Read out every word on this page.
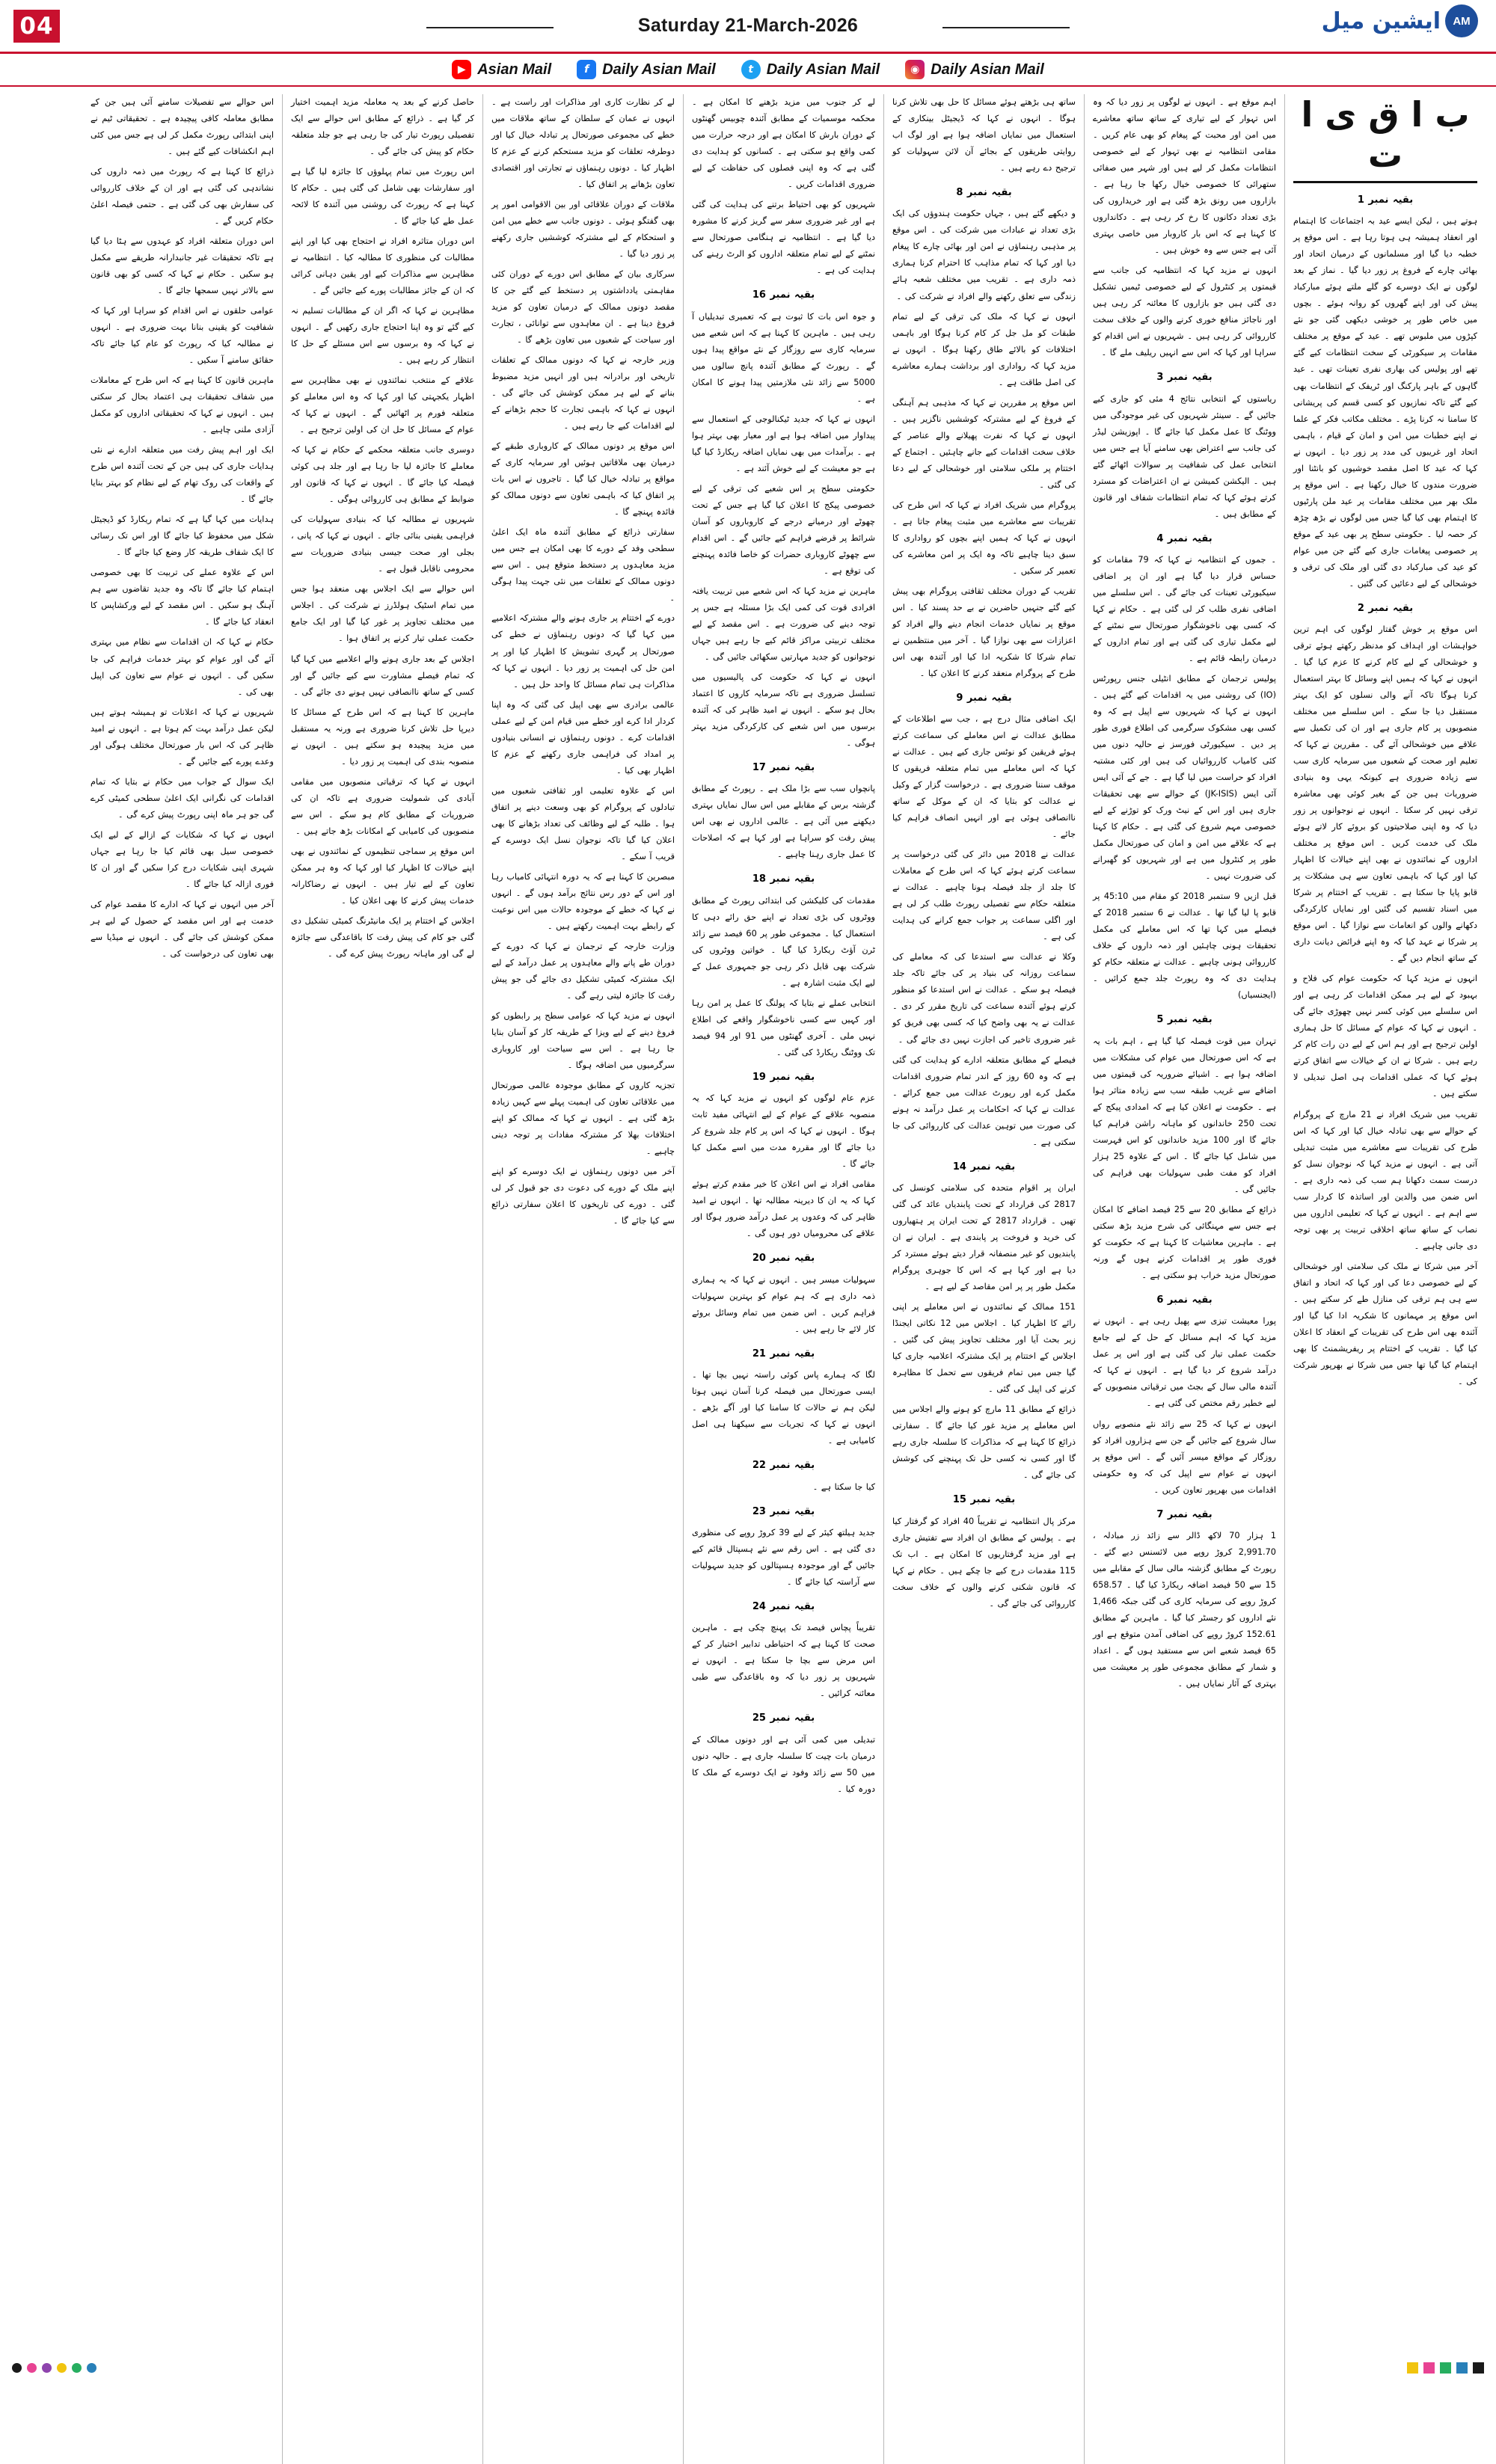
04	Saturday 21-March-2026	ایشین میل	AM
▶ Asian Mail	f Daily Asian Mail	t Daily Asian Mail	◉ Daily Asian Mail
ب ا ق ی ا ت
بقیہ نمبر 1
ہوتے ہیں ، لیکن ایسے عید بہ اجتماعات کا اہتمام اور انعقاد ہمیشہ ہی ہوتا رہا ہے ۔ اس موقع پر خطبہ دیا گیا اور مسلمانوں کے درمیان اتحاد اور بھائی چارے کے فروغ پر زور دیا گیا ۔ نماز کے بعد لوگوں نے ایک دوسرے کو گلے ملتے ہوئے مبارکباد پیش کی اور اپنے گھروں کو روانہ ہوئے ۔ بچوں میں خاص طور پر خوشی دیکھی گئی جو نئے کپڑوں میں ملبوس تھے ۔ عید کے موقع پر مختلف مقامات پر سیکورٹی کے سخت انتظامات کیے گئے تھے اور پولیس کی بھاری نفری تعینات تھی ۔ عید گاہوں کے باہر پارکنگ اور ٹریفک کے انتظامات بھی کیے گئے تاکہ نمازیوں کو کسی قسم کی پریشانی کا سامنا نہ کرنا پڑے ۔ مختلف مکاتب فکر کے علما نے اپنے خطبات میں امن و امان کے قیام ، باہمی اتحاد اور غریبوں کی مدد پر زور دیا ۔ انہوں نے کہا کہ عید کا اصل مقصد خوشیوں کو بانٹنا اور ضرورت مندوں کا خیال رکھنا ہے ۔ اس موقع پر ملک بھر میں مختلف مقامات پر عید ملن پارٹیوں کا اہتمام بھی کیا گیا جس میں لوگوں نے بڑھ چڑھ کر حصہ لیا ۔ حکومتی سطح پر بھی عید کے موقع پر خصوصی پیغامات جاری کیے گئے جن میں عوام کو عید کی مبارکباد دی گئی اور ملک کی ترقی و خوشحالی کے لیے دعائیں کی گئیں ۔
بقیہ نمبر 2
اس موقع پر خوش گفتار لوگوں کی اہم ترین خواہشات اور اہداف کو مدنظر رکھتے ہوئے ترقی و خوشحالی کے لیے کام کرنے کا عزم کیا گیا ۔ انہوں نے کہا کہ ہمیں اپنے وسائل کا بہتر استعمال کرنا ہوگا تاکہ آنے والی نسلوں کو ایک بہتر مستقبل دیا جا سکے ۔ اس سلسلے میں مختلف منصوبوں پر کام جاری ہے اور ان کی تکمیل سے علاقے میں خوشحالی آئے گی ۔ مقررین نے کہا کہ تعلیم اور صحت کے شعبوں میں سرمایہ کاری سب سے زیادہ ضروری ہے کیونکہ یہی وہ بنیادی ضروریات ہیں جن کے بغیر کوئی بھی معاشرہ ترقی نہیں کر سکتا ۔ انہوں نے نوجوانوں پر زور دیا کہ وہ اپنی صلاحیتوں کو بروئے کار لاتے ہوئے ملک کی خدمت کریں ۔ اس موقع پر مختلف اداروں کے نمائندوں نے بھی اپنے خیالات کا اظہار کیا اور کہا کہ باہمی تعاون سے ہی مشکلات پر قابو پایا جا سکتا ہے ۔ تقریب کے اختتام پر شرکا میں اسناد تقسیم کی گئیں اور نمایاں کارکردگی دکھانے والوں کو انعامات سے نوازا گیا ۔ اس موقع پر شرکا نے عہد کیا کہ وہ اپنے فرائض دیانت داری کے ساتھ انجام دیں گے ۔
انہوں نے مزید کہا کہ حکومت عوام کی فلاح و بہبود کے لیے ہر ممکن اقدامات کر رہی ہے اور اس سلسلے میں کوئی کسر نہیں چھوڑی جائے گی ۔ انہوں نے کہا کہ عوام کے مسائل کا حل ہماری اولین ترجیح ہے اور ہم اس کے لیے دن رات کام کر رہے ہیں ۔ شرکا نے ان کے خیالات سے اتفاق کرتے ہوئے کہا کہ عملی اقدامات ہی اصل تبدیلی لا سکتے ہیں ۔
تقریب میں شریک افراد نے 21 مارچ کے پروگرام کے حوالے سے بھی تبادلہ خیال کیا اور کہا کہ اس طرح کی تقریبات سے معاشرے میں مثبت تبدیلی آتی ہے ۔ انہوں نے مزید کہا کہ نوجوان نسل کو درست سمت دکھانا ہم سب کی ذمہ داری ہے ۔ اس ضمن میں والدین اور اساتذہ کا کردار سب سے اہم ہے ۔ انہوں نے کہا کہ تعلیمی اداروں میں نصاب کے ساتھ ساتھ اخلاقی تربیت پر بھی توجہ دی جانی چاہیے ۔
آخر میں شرکا نے ملک کی سلامتی اور خوشحالی کے لیے خصوصی دعا کی اور کہا کہ اتحاد و اتفاق سے ہی ہم ترقی کی منازل طے کر سکتے ہیں ۔ اس موقع پر مہمانوں کا شکریہ ادا کیا گیا اور آئندہ بھی اس طرح کی تقریبات کے انعقاد کا اعلان کیا گیا ۔ تقریب کے اختتام پر ریفریشمنٹ کا بھی اہتمام کیا گیا تھا جس میں شرکا نے بھرپور شرکت کی ۔
اہم موقع ہے ۔ انہوں نے لوگوں پر زور دیا کہ وہ اس تہوار کے لیے تیاری کے ساتھ ساتھ معاشرے میں امن اور محبت کے پیغام کو بھی عام کریں ۔ مقامی انتظامیہ نے بھی تہوار کے لیے خصوصی انتظامات مکمل کر لیے ہیں اور شہر میں صفائی ستھرائی کا خصوصی خیال رکھا جا رہا ہے ۔ بازاروں میں رونق بڑھ گئی ہے اور خریداروں کی بڑی تعداد دکانوں کا رخ کر رہی ہے ۔ دکانداروں کا کہنا ہے کہ اس بار کاروبار میں خاصی بہتری آئی ہے جس سے وہ خوش ہیں ۔
انہوں نے مزید کہا کہ انتظامیہ کی جانب سے قیمتوں پر کنٹرول کے لیے خصوصی ٹیمیں تشکیل دی گئی ہیں جو بازاروں کا معائنہ کر رہی ہیں اور ناجائز منافع خوری کرنے والوں کے خلاف سخت کارروائی کر رہی ہیں ۔ شہریوں نے اس اقدام کو سراہا اور کہا کہ اس سے انہیں ریلیف ملے گا ۔
بقیہ نمبر 3
ریاستوں کے انتخابی نتائج 4 مئی کو جاری کیے جائیں گے ۔ سینئر شہریوں کی غیر موجودگی میں ووٹنگ کا عمل مکمل کیا جائے گا ۔ اپوزیشن لیڈر کی جانب سے اعتراض بھی سامنے آیا ہے جس میں انتخابی عمل کی شفافیت پر سوالات اٹھائے گئے ہیں ۔ الیکشن کمیشن نے ان اعتراضات کو مسترد کرتے ہوئے کہا کہ تمام انتظامات شفاف اور قانون کے مطابق ہیں ۔
بقیہ نمبر 4
۔ جموں کے انتظامیہ نے کہا کہ 79 مقامات کو حساس قرار دیا گیا ہے اور ان پر اضافی سیکیورٹی تعینات کی جائے گی ۔ اس سلسلے میں اضافی نفری طلب کر لی گئی ہے ۔ حکام نے کہا کہ کسی بھی ناخوشگوار صورتحال سے نمٹنے کے لیے مکمل تیاری کی گئی ہے اور تمام اداروں کے درمیان رابطہ قائم ہے ۔
پولیس ترجمان کے مطابق انٹیلی جنس رپورٹس (IO) کی روشنی میں یہ اقدامات کیے گئے ہیں ۔ انہوں نے کہا کہ شہریوں سے اپیل ہے کہ وہ کسی بھی مشکوک سرگرمی کی اطلاع فوری طور پر دیں ۔ سیکیورٹی فورسز نے حالیہ دنوں میں کئی کامیاب کارروائیاں کی ہیں اور کئی مشتبہ افراد کو حراست میں لیا گیا ہے ۔ جے کے آئی ایس آئی ایس (JK-ISIS) کے حوالے سے بھی تحقیقات جاری ہیں اور اس کے نیٹ ورک کو توڑنے کے لیے خصوصی مہم شروع کی گئی ہے ۔ حکام کا کہنا ہے کہ علاقے میں امن و امان کی صورتحال مکمل طور پر کنٹرول میں ہے اور شہریوں کو گھبرانے کی ضرورت نہیں ۔
قبل ازیں 9 ستمبر 2018 کو مقام میں 45:10 پر قابو پا لیا گیا تھا ۔ عدالت نے 6 ستمبر 2018 کے فیصلے میں کہا تھا کہ اس معاملے کی مکمل تحقیقات ہونی چاہئیں اور ذمہ داروں کے خلاف کارروائی ہونی چاہیے ۔ عدالت نے متعلقہ حکام کو ہدایت دی کہ وہ رپورٹ جلد جمع کرائیں ۔ (ایجنسیاں)
بقیہ نمبر 5
تہران میں قوت فیصلہ کیا گیا ہے ، اہم بات یہ ہے کہ اس صورتحال میں عوام کی مشکلات میں اضافہ ہوا ہے ۔ اشیائے ضروریہ کی قیمتوں میں اضافے سے غریب طبقہ سب سے زیادہ متاثر ہوا ہے ۔ حکومت نے اعلان کیا ہے کہ امدادی پیکج کے تحت 250 خاندانوں کو ماہانہ راشن فراہم کیا جائے گا اور 100 مزید خاندانوں کو اس فہرست میں شامل کیا جائے گا ۔ اس کے علاوہ 25 ہزار افراد کو مفت طبی سہولیات بھی فراہم کی جائیں گی ۔
ذرائع کے مطابق 20 سے 25 فیصد اضافے کا امکان ہے جس سے مہنگائی کی شرح مزید بڑھ سکتی ہے ۔ ماہرین معاشیات کا کہنا ہے کہ حکومت کو فوری طور پر اقدامات کرنے ہوں گے ورنہ صورتحال مزید خراب ہو سکتی ہے ۔
بقیہ نمبر 6
پورا معیشت تیزی سے پھیل رہی ہے ۔ انہوں نے مزید کہا کہ اہم مسائل کے حل کے لیے جامع حکمت عملی تیار کی گئی ہے اور اس پر عمل درآمد شروع کر دیا گیا ہے ۔ انہوں نے کہا کہ آئندہ مالی سال کے بجٹ میں ترقیاتی منصوبوں کے لیے خطیر رقم مختص کی گئی ہے ۔
انہوں نے کہا کہ 25 سے زائد نئے منصوبے رواں سال شروع کیے جائیں گے جن سے ہزاروں افراد کو روزگار کے مواقع میسر آئیں گے ۔ اس موقع پر انہوں نے عوام سے اپیل کی کہ وہ حکومتی اقدامات میں بھرپور تعاون کریں ۔
بقیہ نمبر 7
1 ہزار 70 لاکھ ڈالر سے زائد زر مبادلہ ، 2,991.70 کروڑ روپے میں لائسنس دیے گئے ۔ رپورٹ کے مطابق گزشتہ مالی سال کے مقابلے میں 15 سے 50 فیصد اضافہ ریکارڈ کیا گیا ۔ 658.57 کروڑ روپے کی سرمایہ کاری کی گئی جبکہ 1,466 نئے اداروں کو رجسٹر کیا گیا ۔ ماہرین کے مطابق 152.61 کروڑ روپے کی اضافی آمدن متوقع ہے اور 65 فیصد شعبے اس سے مستفید ہوں گے ۔ اعداد و شمار کے مطابق مجموعی طور پر معیشت میں بہتری کے آثار نمایاں ہیں ۔
ساتھ ہی بڑھتے ہوئے مسائل کا حل بھی تلاش کرنا ہوگا ۔ انہوں نے کہا کہ ڈیجیٹل بینکاری کے استعمال میں نمایاں اضافہ ہوا ہے اور لوگ اب روایتی طریقوں کے بجائے آن لائن سہولیات کو ترجیح دے رہے ہیں ۔
بقیہ نمبر 8
و دیکھے گئے ہیں ، جہاں حکومت ہندوؤں کی ایک بڑی تعداد نے عبادات میں شرکت کی ۔ اس موقع پر مذہبی رہنماؤں نے امن اور بھائی چارے کا پیغام دیا اور کہا کہ تمام مذاہب کا احترام کرنا ہماری ذمہ داری ہے ۔ تقریب میں مختلف شعبہ ہائے زندگی سے تعلق رکھنے والے افراد نے شرکت کی ۔
انہوں نے کہا کہ ملک کی ترقی کے لیے تمام طبقات کو مل جل کر کام کرنا ہوگا اور باہمی اختلافات کو بالائے طاق رکھنا ہوگا ۔ انہوں نے مزید کہا کہ رواداری اور برداشت ہمارے معاشرے کی اصل طاقت ہے ۔
اس موقع پر مقررین نے کہا کہ مذہبی ہم آہنگی کے فروغ کے لیے مشترکہ کوششیں ناگزیر ہیں ۔ انہوں نے کہا کہ نفرت پھیلانے والے عناصر کے خلاف سخت اقدامات کیے جانے چاہئیں ۔ اجتماع کے اختتام پر ملکی سلامتی اور خوشحالی کے لیے دعا کی گئی ۔
پروگرام میں شریک افراد نے کہا کہ اس طرح کی تقریبات سے معاشرے میں مثبت پیغام جاتا ہے ۔ انہوں نے کہا کہ ہمیں اپنے بچوں کو رواداری کا سبق دینا چاہیے تاکہ وہ ایک پر امن معاشرے کی تعمیر کر سکیں ۔
تقریب کے دوران مختلف ثقافتی پروگرام بھی پیش کیے گئے جنہیں حاضرین نے بے حد پسند کیا ۔ اس موقع پر نمایاں خدمات انجام دینے والے افراد کو اعزازات سے بھی نوازا گیا ۔ آخر میں منتظمین نے تمام شرکا کا شکریہ ادا کیا اور آئندہ بھی اس طرح کے پروگرام منعقد کرنے کا اعلان کیا ۔
بقیہ نمبر 9
ایک اضافی مثال درج ہے ، جب سے اطلاعات کے مطابق عدالت نے اس معاملے کی سماعت کرتے ہوئے فریقین کو نوٹس جاری کیے ہیں ۔ عدالت نے کہا کہ اس معاملے میں تمام متعلقہ فریقوں کا موقف سننا ضروری ہے ۔ درخواست گزار کے وکیل نے عدالت کو بتایا کہ ان کے موکل کے ساتھ ناانصافی ہوئی ہے اور انہیں انصاف فراہم کیا جائے ۔
عدالت نے 2018 میں دائر کی گئی درخواست پر سماعت کرتے ہوئے کہا کہ اس طرح کے معاملات کا جلد از جلد فیصلہ ہونا چاہیے ۔ عدالت نے متعلقہ حکام سے تفصیلی رپورٹ طلب کر لی ہے اور اگلی سماعت پر جواب جمع کرانے کی ہدایت کی ہے ۔
وکلا نے عدالت سے استدعا کی کہ معاملے کی سماعت روزانہ کی بنیاد پر کی جائے تاکہ جلد فیصلہ ہو سکے ۔ عدالت نے اس استدعا کو منظور کرتے ہوئے آئندہ سماعت کی تاریخ مقرر کر دی ۔ عدالت نے یہ بھی واضح کیا کہ کسی بھی فریق کو غیر ضروری تاخیر کی اجازت نہیں دی جائے گی ۔
فیصلے کے مطابق متعلقہ ادارے کو ہدایت کی گئی ہے کہ وہ 60 روز کے اندر تمام ضروری اقدامات مکمل کرے اور رپورٹ عدالت میں جمع کرائے ۔ عدالت نے کہا کہ احکامات پر عمل درآمد نہ ہونے کی صورت میں توہین عدالت کی کارروائی کی جا سکتی ہے ۔
بقیہ نمبر 14
ایران پر اقوام متحدہ کی سلامتی کونسل کی 2817 کی قرارداد کے تحت پابندیاں عائد کی گئی تھیں ۔ قرارداد 2817 کے تحت ایران پر ہتھیاروں کی خرید و فروخت پر پابندی ہے ۔ ایران نے ان پابندیوں کو غیر منصفانہ قرار دیتے ہوئے مسترد کر دیا ہے اور کہا ہے کہ اس کا جوہری پروگرام مکمل طور پر پر امن مقاصد کے لیے ہے ۔
151 ممالک کے نمائندوں نے اس معاملے پر اپنی رائے کا اظہار کیا ۔ اجلاس میں 12 نکاتی ایجنڈا زیر بحث آیا اور مختلف تجاویز پیش کی گئیں ۔ اجلاس کے اختتام پر ایک مشترکہ اعلامیہ جاری کیا گیا جس میں تمام فریقوں سے تحمل کا مظاہرہ کرنے کی اپیل کی گئی ۔
ذرائع کے مطابق 11 مارچ کو ہونے والے اجلاس میں اس معاملے پر مزید غور کیا جائے گا ۔ سفارتی ذرائع کا کہنا ہے کہ مذاکرات کا سلسلہ جاری رہے گا اور کسی نہ کسی حل تک پہنچنے کی کوشش کی جائے گی ۔
بقیہ نمبر 15
مرکز پال انتظامیہ نے تقریباً 40 افراد کو گرفتار کیا ہے ۔ پولیس کے مطابق ان افراد سے تفتیش جاری ہے اور مزید گرفتاریوں کا امکان ہے ۔ اب تک 115 مقدمات درج کیے جا چکے ہیں ۔ حکام نے کہا کہ قانون شکنی کرنے والوں کے خلاف سخت کارروائی کی جائے گی ۔
لے کر جنوب میں مزید بڑھنے کا امکان ہے ۔ محکمہ موسمیات کے مطابق آئندہ چوبیس گھنٹوں کے دوران بارش کا امکان ہے اور درجہ حرارت میں کمی واقع ہو سکتی ہے ۔ کسانوں کو ہدایت دی گئی ہے کہ وہ اپنی فصلوں کی حفاظت کے لیے ضروری اقدامات کریں ۔
شہریوں کو بھی احتیاط برتنے کی ہدایت کی گئی ہے اور غیر ضروری سفر سے گریز کرنے کا مشورہ دیا گیا ہے ۔ انتظامیہ نے ہنگامی صورتحال سے نمٹنے کے لیے تمام متعلقہ اداروں کو الرٹ رہنے کی ہدایت کی ہے ۔
بقیہ نمبر 16
و جوہ اس بات کا ثبوت ہے کہ تعمیری تبدیلیاں آ رہی ہیں ۔ ماہرین کا کہنا ہے کہ اس شعبے میں سرمایہ کاری سے روزگار کے نئے مواقع پیدا ہوں گے ۔ رپورٹ کے مطابق آئندہ پانچ سالوں میں 5000 سے زائد نئی ملازمتیں پیدا ہونے کا امکان ہے ۔
انہوں نے کہا کہ جدید ٹیکنالوجی کے استعمال سے پیداوار میں اضافہ ہوا ہے اور معیار بھی بہتر ہوا ہے ۔ برآمدات میں بھی نمایاں اضافہ ریکارڈ کیا گیا ہے جو معیشت کے لیے خوش آئند ہے ۔
حکومتی سطح پر اس شعبے کی ترقی کے لیے خصوصی پیکج کا اعلان کیا گیا ہے جس کے تحت چھوٹے اور درمیانے درجے کے کاروباروں کو آسان شرائط پر قرضے فراہم کیے جائیں گے ۔ اس اقدام سے چھوٹے کاروباری حضرات کو خاصا فائدہ پہنچنے کی توقع ہے ۔
ماہرین نے مزید کہا کہ اس شعبے میں تربیت یافتہ افرادی قوت کی کمی ایک بڑا مسئلہ ہے جس پر توجہ دینے کی ضرورت ہے ۔ اس مقصد کے لیے مختلف تربیتی مراکز قائم کیے جا رہے ہیں جہاں نوجوانوں کو جدید مہارتیں سکھائی جائیں گی ۔
انہوں نے کہا کہ حکومت کی پالیسیوں میں تسلسل ضروری ہے تاکہ سرمایہ کاروں کا اعتماد بحال ہو سکے ۔ انہوں نے امید ظاہر کی کہ آئندہ برسوں میں اس شعبے کی کارکردگی مزید بہتر ہوگی ۔
بقیہ نمبر 17
پانچواں سب سے بڑا ملک ہے ۔ رپورٹ کے مطابق گزشتہ برس کے مقابلے میں اس سال نمایاں بہتری دیکھنے میں آئی ہے ۔ عالمی اداروں نے بھی اس پیش رفت کو سراہا ہے اور کہا ہے کہ اصلاحات کا عمل جاری رہنا چاہیے ۔
بقیہ نمبر 18
مقدمات کی کلیکشن کی ابتدائی رپورٹ کے مطابق ووٹروں کی بڑی تعداد نے اپنے حق رائے دہی کا استعمال کیا ۔ مجموعی طور پر 60 فیصد سے زائد ٹرن آؤٹ ریکارڈ کیا گیا ۔ خواتین ووٹروں کی شرکت بھی قابل ذکر رہی جو جمہوری عمل کے لیے ایک مثبت اشارہ ہے ۔
انتخابی عملے نے بتایا کہ پولنگ کا عمل پر امن رہا اور کہیں سے کسی ناخوشگوار واقعے کی اطلاع نہیں ملی ۔ آخری گھنٹوں میں 91 اور 94 فیصد تک ووٹنگ ریکارڈ کی گئی ۔
بقیہ نمبر 19
عزم عام لوگوں کو انہوں نے مزید کہا کہ یہ منصوبہ علاقے کے عوام کے لیے انتہائی مفید ثابت ہوگا ۔ انہوں نے کہا کہ اس پر کام جلد شروع کر دیا جائے گا اور مقررہ مدت میں اسے مکمل کیا جائے گا ۔
مقامی افراد نے اس اعلان کا خیر مقدم کرتے ہوئے کہا کہ یہ ان کا دیرینہ مطالبہ تھا ۔ انہوں نے امید ظاہر کی کہ وعدوں پر عمل درآمد ضرور ہوگا اور علاقے کی محرومیاں دور ہوں گی ۔
بقیہ نمبر 20
سہولیات میسر ہیں ۔ انہوں نے کہا کہ یہ ہماری ذمہ داری ہے کہ ہم عوام کو بہترین سہولیات فراہم کریں ۔ اس ضمن میں تمام وسائل بروئے کار لائے جا رہے ہیں ۔
بقیہ نمبر 21
لگا کہ ہمارے پاس کوئی راستہ نہیں بچا تھا ۔ ایسی صورتحال میں فیصلہ کرنا آسان نہیں ہوتا لیکن ہم نے حالات کا سامنا کیا اور آگے بڑھے ۔ انہوں نے کہا کہ تجربات سے سیکھنا ہی اصل کامیابی ہے ۔
بقیہ نمبر 22
کیا جا سکتا ہے ۔
بقیہ نمبر 23
جدید ہیلتھ کیئر کے لیے 39 کروڑ روپے کی منظوری دی گئی ہے ۔ اس رقم سے نئے ہسپتال قائم کیے جائیں گے اور موجودہ ہسپتالوں کو جدید سہولیات سے آراستہ کیا جائے گا ۔
بقیہ نمبر 24
تقریباً پچاس فیصد تک پہنچ چکی ہے ۔ ماہرین صحت کا کہنا ہے کہ احتیاطی تدابیر اختیار کر کے اس مرض سے بچا جا سکتا ہے ۔ انہوں نے شہریوں پر زور دیا کہ وہ باقاعدگی سے طبی معائنہ کرائیں ۔
بقیہ نمبر 25
تبدیلی میں کمی آئی ہے اور دونوں ممالک کے درمیان بات چیت کا سلسلہ جاری ہے ۔ حالیہ دنوں میں 50 سے زائد وفود نے ایک دوسرے کے ملک کا دورہ کیا ۔
لے کر نظارت کاری اور مذاکرات اور راست ہے ۔ انہوں نے عمان کے سلطان کے ساتھ ملاقات میں خطے کی مجموعی صورتحال پر تبادلہ خیال کیا اور دوطرفہ تعلقات کو مزید مستحکم کرنے کے عزم کا اظہار کیا ۔ دونوں رہنماؤں نے تجارتی اور اقتصادی تعاون بڑھانے پر اتفاق کیا ۔
ملاقات کے دوران علاقائی اور بین الاقوامی امور پر بھی گفتگو ہوئی ۔ دونوں جانب سے خطے میں امن و استحکام کے لیے مشترکہ کوششیں جاری رکھنے پر زور دیا گیا ۔
سرکاری بیان کے مطابق اس دورے کے دوران کئی مفاہمتی یادداشتوں پر دستخط کیے گئے جن کا مقصد دونوں ممالک کے درمیان تعاون کو مزید فروغ دینا ہے ۔ ان معاہدوں سے توانائی ، تجارت اور سیاحت کے شعبوں میں تعاون بڑھے گا ۔
وزیر خارجہ نے کہا کہ دونوں ممالک کے تعلقات تاریخی اور برادرانہ ہیں اور انہیں مزید مضبوط بنانے کے لیے ہر ممکن کوشش کی جائے گی ۔ انہوں نے کہا کہ باہمی تجارت کا حجم بڑھانے کے لیے اقدامات کیے جا رہے ہیں ۔
اس موقع پر دونوں ممالک کے کاروباری طبقے کے درمیان بھی ملاقاتیں ہوئیں اور سرمایہ کاری کے مواقع پر تبادلہ خیال کیا گیا ۔ تاجروں نے اس بات پر اتفاق کیا کہ باہمی تعاون سے دونوں ممالک کو فائدہ پہنچے گا ۔
سفارتی ذرائع کے مطابق آئندہ ماہ ایک اعلیٰ سطحی وفد کے دورے کا بھی امکان ہے جس میں مزید معاہدوں پر دستخط متوقع ہیں ۔ اس سے دونوں ممالک کے تعلقات میں نئی جہت پیدا ہوگی ۔
دورے کے اختتام پر جاری ہونے والے مشترکہ اعلامیے میں کہا گیا کہ دونوں رہنماؤں نے خطے کی صورتحال پر گہری تشویش کا اظہار کیا اور پر امن حل کی اہمیت پر زور دیا ۔ انہوں نے کہا کہ مذاکرات ہی تمام مسائل کا واحد حل ہیں ۔
عالمی برادری سے بھی اپیل کی گئی کہ وہ اپنا کردار ادا کرے اور خطے میں قیام امن کے لیے عملی اقدامات کرے ۔ دونوں رہنماؤں نے انسانی بنیادوں پر امداد کی فراہمی جاری رکھنے کے عزم کا اظہار بھی کیا ۔
اس کے علاوہ تعلیمی اور ثقافتی شعبوں میں تبادلوں کے پروگرام کو بھی وسعت دینے پر اتفاق ہوا ۔ طلبہ کے لیے وظائف کی تعداد بڑھانے کا بھی اعلان کیا گیا تاکہ نوجوان نسل ایک دوسرے کے قریب آ سکے ۔
مبصرین کا کہنا ہے کہ یہ دورہ انتہائی کامیاب رہا اور اس کے دور رس نتائج برآمد ہوں گے ۔ انہوں نے کہا کہ خطے کے موجودہ حالات میں اس نوعیت کے رابطے بہت اہمیت رکھتے ہیں ۔
وزارت خارجہ کے ترجمان نے کہا کہ دورے کے دوران طے پانے والے معاہدوں پر عمل درآمد کے لیے ایک مشترکہ کمیٹی تشکیل دی جائے گی جو پیش رفت کا جائزہ لیتی رہے گی ۔
انہوں نے مزید کہا کہ عوامی سطح پر رابطوں کو فروغ دینے کے لیے ویزا کے طریقہ کار کو آسان بنایا جا رہا ہے ۔ اس سے سیاحت اور کاروباری سرگرمیوں میں اضافہ ہوگا ۔
تجزیہ کاروں کے مطابق موجودہ عالمی صورتحال میں علاقائی تعاون کی اہمیت پہلے سے کہیں زیادہ بڑھ گئی ہے ۔ انہوں نے کہا کہ ممالک کو اپنے اختلافات بھلا کر مشترکہ مفادات پر توجہ دینی چاہیے ۔
آخر میں دونوں رہنماؤں نے ایک دوسرے کو اپنے اپنے ملک کے دورے کی دعوت دی جو قبول کر لی گئی ۔ دورے کی تاریخوں کا اعلان سفارتی ذرائع سے کیا جائے گا ۔
حاصل کرنے کے بعد یہ معاملہ مزید اہمیت اختیار کر گیا ہے ۔ ذرائع کے مطابق اس حوالے سے ایک تفصیلی رپورٹ تیار کی جا رہی ہے جو جلد متعلقہ حکام کو پیش کی جائے گی ۔
اس رپورٹ میں تمام پہلوؤں کا جائزہ لیا گیا ہے اور سفارشات بھی شامل کی گئی ہیں ۔ حکام کا کہنا ہے کہ رپورٹ کی روشنی میں آئندہ کا لائحہ عمل طے کیا جائے گا ۔
اس دوران متاثرہ افراد نے احتجاج بھی کیا اور اپنے مطالبات کی منظوری کا مطالبہ کیا ۔ انتظامیہ نے مظاہرین سے مذاکرات کیے اور یقین دہانی کرائی کہ ان کے جائز مطالبات پورے کیے جائیں گے ۔
مظاہرین نے کہا کہ اگر ان کے مطالبات تسلیم نہ کیے گئے تو وہ اپنا احتجاج جاری رکھیں گے ۔ انہوں نے کہا کہ وہ برسوں سے اس مسئلے کے حل کا انتظار کر رہے ہیں ۔
علاقے کے منتخب نمائندوں نے بھی مظاہرین سے اظہار یکجہتی کیا اور کہا کہ وہ اس معاملے کو متعلقہ فورم پر اٹھائیں گے ۔ انہوں نے کہا کہ عوام کے مسائل کا حل ان کی اولین ترجیح ہے ۔
دوسری جانب متعلقہ محکمے کے حکام نے کہا کہ معاملے کا جائزہ لیا جا رہا ہے اور جلد ہی کوئی فیصلہ کیا جائے گا ۔ انہوں نے کہا کہ قانون اور ضوابط کے مطابق ہی کارروائی ہوگی ۔
شہریوں نے مطالبہ کیا کہ بنیادی سہولیات کی فراہمی یقینی بنائی جائے ۔ انہوں نے کہا کہ پانی ، بجلی اور صحت جیسی بنیادی ضروریات سے محرومی ناقابل قبول ہے ۔
اس حوالے سے ایک اجلاس بھی منعقد ہوا جس میں تمام اسٹیک ہولڈرز نے شرکت کی ۔ اجلاس میں مختلف تجاویز پر غور کیا گیا اور ایک جامع حکمت عملی تیار کرنے پر اتفاق ہوا ۔
اجلاس کے بعد جاری ہونے والے اعلامیے میں کہا گیا کہ تمام فیصلے مشاورت سے کیے جائیں گے اور کسی کے ساتھ ناانصافی نہیں ہونے دی جائے گی ۔
ماہرین کا کہنا ہے کہ اس طرح کے مسائل کا دیرپا حل تلاش کرنا ضروری ہے ورنہ یہ مستقبل میں مزید پیچیدہ ہو سکتے ہیں ۔ انہوں نے منصوبہ بندی کی اہمیت پر زور دیا ۔
انہوں نے کہا کہ ترقیاتی منصوبوں میں مقامی آبادی کی شمولیت ضروری ہے تاکہ ان کی ضروریات کے مطابق کام ہو سکے ۔ اس سے منصوبوں کی کامیابی کے امکانات بڑھ جاتے ہیں ۔
اس موقع پر سماجی تنظیموں کے نمائندوں نے بھی اپنے خیالات کا اظہار کیا اور کہا کہ وہ ہر ممکن تعاون کے لیے تیار ہیں ۔ انہوں نے رضاکارانہ خدمات پیش کرنے کا بھی اعلان کیا ۔
اجلاس کے اختتام پر ایک مانیٹرنگ کمیٹی تشکیل دی گئی جو کام کی پیش رفت کا باقاعدگی سے جائزہ لے گی اور ماہانہ رپورٹ پیش کرے گی ۔
اس حوالے سے تفصیلات سامنے آئی ہیں جن کے مطابق معاملہ کافی پیچیدہ ہے ۔ تحقیقاتی ٹیم نے اپنی ابتدائی رپورٹ مکمل کر لی ہے جس میں کئی اہم انکشافات کیے گئے ہیں ۔
ذرائع کا کہنا ہے کہ رپورٹ میں ذمہ داروں کی نشاندہی کی گئی ہے اور ان کے خلاف کارروائی کی سفارش بھی کی گئی ہے ۔ حتمی فیصلہ اعلیٰ حکام کریں گے ۔
اس دوران متعلقہ افراد کو عہدوں سے ہٹا دیا گیا ہے تاکہ تحقیقات غیر جانبدارانہ طریقے سے مکمل ہو سکیں ۔ حکام نے کہا کہ کسی کو بھی قانون سے بالاتر نہیں سمجھا جائے گا ۔
عوامی حلقوں نے اس اقدام کو سراہا اور کہا کہ شفافیت کو یقینی بنانا بہت ضروری ہے ۔ انہوں نے مطالبہ کیا کہ رپورٹ کو عام کیا جائے تاکہ حقائق سامنے آ سکیں ۔
ماہرین قانون کا کہنا ہے کہ اس طرح کے معاملات میں شفاف تحقیقات ہی اعتماد بحال کر سکتی ہیں ۔ انہوں نے کہا کہ تحقیقاتی اداروں کو مکمل آزادی ملنی چاہیے ۔
ایک اور اہم پیش رفت میں متعلقہ ادارے نے نئی ہدایات جاری کی ہیں جن کے تحت آئندہ اس طرح کے واقعات کی روک تھام کے لیے نظام کو بہتر بنایا جائے گا ۔
ہدایات میں کہا گیا ہے کہ تمام ریکارڈ کو ڈیجیٹل شکل میں محفوظ کیا جائے گا اور اس تک رسائی کا ایک شفاف طریقہ کار وضع کیا جائے گا ۔
اس کے علاوہ عملے کی تربیت کا بھی خصوصی اہتمام کیا جائے گا تاکہ وہ جدید تقاضوں سے ہم آہنگ ہو سکیں ۔ اس مقصد کے لیے ورکشاپس کا انعقاد کیا جائے گا ۔
حکام نے کہا کہ ان اقدامات سے نظام میں بہتری آئے گی اور عوام کو بہتر خدمات فراہم کی جا سکیں گی ۔ انہوں نے عوام سے تعاون کی اپیل بھی کی ۔
شہریوں نے کہا کہ اعلانات تو ہمیشہ ہوتے ہیں لیکن عمل درآمد بہت کم ہوتا ہے ۔ انہوں نے امید ظاہر کی کہ اس بار صورتحال مختلف ہوگی اور وعدے پورے کیے جائیں گے ۔
ایک سوال کے جواب میں حکام نے بتایا کہ تمام اقدامات کی نگرانی ایک اعلیٰ سطحی کمیٹی کرے گی جو ہر ماہ اپنی رپورٹ پیش کرے گی ۔
انہوں نے کہا کہ شکایات کے ازالے کے لیے ایک خصوصی سیل بھی قائم کیا جا رہا ہے جہاں شہری اپنی شکایات درج کرا سکیں گے اور ان کا فوری ازالہ کیا جائے گا ۔
آخر میں انہوں نے کہا کہ ادارے کا مقصد عوام کی خدمت ہے اور اس مقصد کے حصول کے لیے ہر ممکن کوشش کی جائے گی ۔ انہوں نے میڈیا سے بھی تعاون کی درخواست کی ۔
